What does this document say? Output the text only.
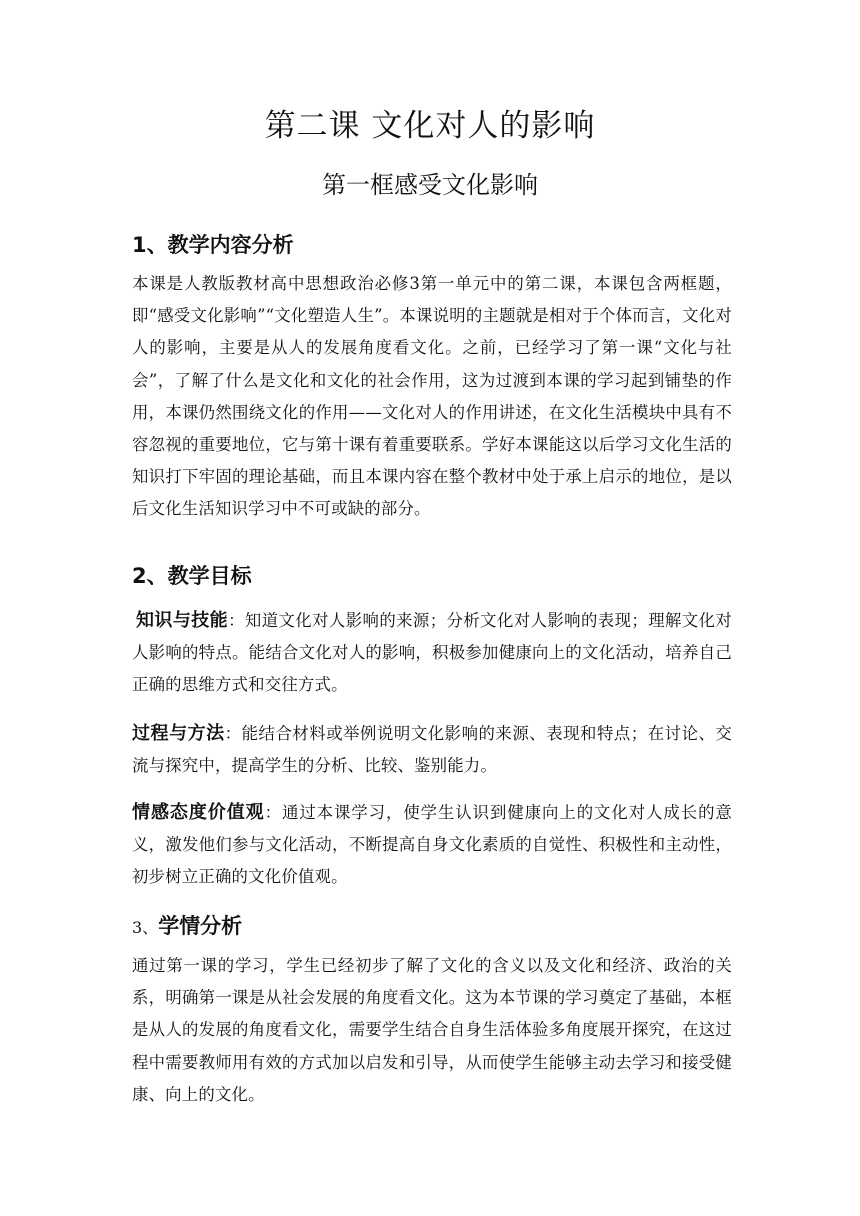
第二课 文化对人的影响
第一框感受文化影响
1、教学内容分析

本课是人教版教材高中思想政治必修3第一单元中的第二课，本课包含两框题，即“感受文化影响”“文化塑造人生”。本课说明的主题就是相对于个体而言，文化对人的影响，主要是从人的发展角度看文化。之前，已经学习了第一课“文化与社会”，了解了什么是文化和文化的社会作用，这为过渡到本课的学习起到铺垫的作用，本课仍然围绕文化的作用——文化对人的作用讲述，在文化生活模块中具有不容忽视的重要地位，它与第十课有着重要联系。学好本课能这以后学习文化生活的知识打下牢固的理论基础，而且本课内容在整个教材中处于承上启示的地位，是以后文化生活知识学习中不可或缺的部分。

2、教学目标

知识与技能：知道文化对人影响的来源；分析文化对人影响的表现；理解文化对人影响的特点。能结合文化对人的影响，积极参加健康向上的文化活动，培养自己正确的思维方式和交往方式。

过程与方法：能结合材料或举例说明文化影响的来源、表现和特点；在讨论、交流与探究中，提高学生的分析、比较、鉴别能力。

情感态度价值观：通过本课学习，使学生认识到健康向上的文化对人成长的意义，激发他们参与文化活动，不断提高自身文化素质的自觉性、积极性和主动性，初步树立正确的文化价值观。

3、学情分析

通过第一课的学习，学生已经初步了解了文化的含义以及文化和经济、政治的关系，明确第一课是从社会发展的角度看文化。这为本节课的学习奠定了基础，本框是从人的发展的角度看文化，需要学生结合自身生活体验多角度展开探究，在这过程中需要教师用有效的方式加以启发和引导，从而使学生能够主动去学习和接受健康、向上的文化。
